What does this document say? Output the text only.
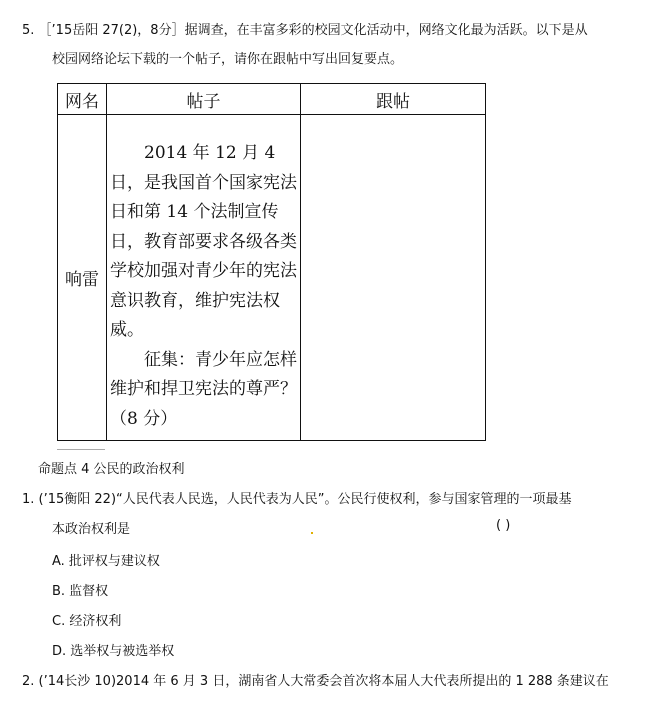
5. ［’15岳阳 27(2)，8分］据调查，在丰富多彩的校园文化活动中，网络文化最为活跃。以下是从
校园网络论坛下载的一个帖子，请你在跟帖中写出回复要点。
网名	帖子	跟帖
响雷	2014 年 12 月 4 日，是我国首个国家宪法日和第 14 个法制宣传日，教育部要求各级各类学校加强对青少年的宪法意识教育，维护宪法权威。
征集：青少年应怎样维护和捍卫宪法的尊严？（8 分）	

命题点 4 公民的政治权利
1. (’15衡阳 22)“人民代表人民选，人民代表为人民”。公民行使权利，参与国家管理的一项最基
本政治权利是	( )
A. 批评权与建议权
B. 监督权
C. 经济权利
D. 选举权与被选举权
2. (’14长沙 10)2014 年 6 月 3 日，湖南省人大常委会首次将本届人大代表所提出的 1 288 条建议在
